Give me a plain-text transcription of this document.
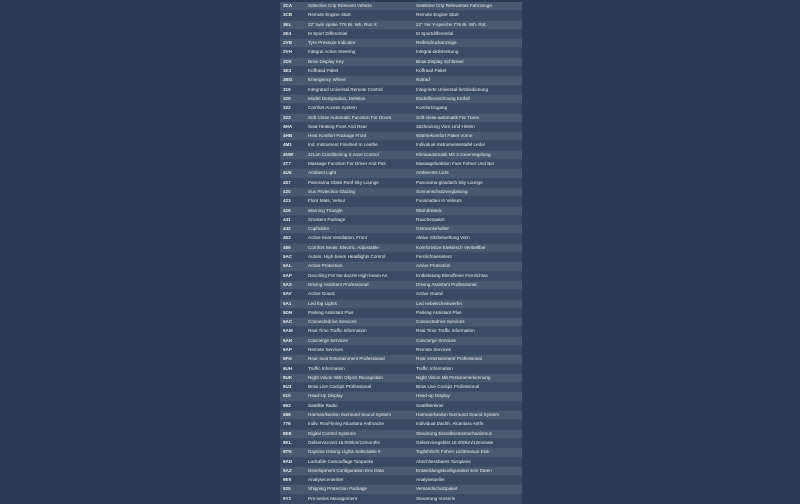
3CA	Selective Crip Relevant Vehicle	Selektive Crip Relevantes Fahrzeuge
3CB	Remote Engine Start	Remote Engine Start
3EL	22" twin spoke 776 Bi. Wh. Run X	22" Ver Y-speiche 776 Bi. Wh. Rot.
2E4	M Sport Differential	M Sportdifferential
2VB	Tyre Pressure Indicator	Reifendruckanzeige
2VH	Integral Active Steering	Integral-aktivlenkung
2D0	Bmw Display Key	Bmw Display Schlüssel
3E3	Koffraad Paket	Koffraad Paket
3BG	Emergency Wheel	Notrad
319	Integrated Universal Remote Control	Integrierte Universal-fernbedienung
320	Model Designation, Deletion	Modellbezeichnung Entfall
322	Comfort Access System	Komfortzugang
323	Soft Close Automatic Function For Doors	Soft-close-automatik Für Türen
4HA	Seat Heating Front And Rear	Sitzheizung Vorn Und Hinten
4HB	Heat Komfort Package Front	Wärmekomfort Paket Vorne
4M1	Ind. Instrument Finished In Leathe	Individual Instrumententafel Leder
4NW	4zLan Conditioning 3-zone Control	Klimaautomatik Mit 3-zonenregelung
4T7	Massage Function For Driver And Pas	Massagefunktion Fuer Fahrer Und Bei
4U6	Ambient Light	Ambientes Licht
407	Panorama Glass Roof Sky Lounge	Panorama-glasdach Sky Lounge
420	Sun Protection Glazing	Sonnenschutzverglasung
423	Floor Mats, Velour	Fussmatten In Velours
428	Warning Triangle	Warndreieck
441	Smokers Package	Raucherpaket
442	Cupholder	Getraenkehalter
453	Active Seat Ventilation, Front	Aktive Sitzbelueftung Vorn
456	Comfort Seats, Electric, Adjustable	Komfortsitze Elektrisch Verstellbar
5AC	Autom. High-beam Headlights Control	Fernlichtassistent
5AL	Active Protection	Active Protection
5AP	Decolling For No-dazzle High-beam As	Entbelatung Blendfreier Fernlichtas
5AS	Driving Assistant Professional	Driving Assistant Professional
5AV	Active Guard	Active Guard
5A1	Led fog Lights	Led nebelscheinwerfer
5DN	Parking Assistant Plus	Parking Assistant Plus
6AC	Connectedrive Services	Connectedrive Services
6AM	Real Time Traffic Information	Real Time Traffic Information
6AN	Concierge Services	Concierge Services
6AP	Remote Services	Remote Services
6FH	Rear-seat Entertainment Professional	Rear entertainment Professional
6UH	Traffic Information	Traffic Information
6UK	Night Vision With Object Recognition	Night Vision Mit Personenerkennung
6U3	Bmw Live Cockpit Professional	Bmw Live Cockpit Professional
610	Head-Up Display	Head-up Display
653	Satellite Radio	Satellitenkrier
688	Harman/kardon Surround Sound System	Harman/kardon Surround Sound System
776	Indiv. Roof-lining Alcantara Anthracite	Individual Dachh. Alcantara Anthr.
8E8	Digital Control Systems	Steuerung Einzelbremsmechanismus
8KL	Oelservicezeit 15.000km/12months	Oelservicegebiet 15.000km/12monate
8TN	Daytime Driving Lights Selectable II	Tagfahrlicht Fahrer Lichtmenue Eink
9AD	Lockable Camouflage Tanpacks	Abschliessbares Tarnplane
9AZ	Development Configuration Env Data	Entwicklungskonfiguration Env Daten
9E9	Analysecenteriter	Analysetoeller
925	Shipping Protection Package	Versandschutzpaket
9Y1	Pre-series Management	Steuerung Vorserie
